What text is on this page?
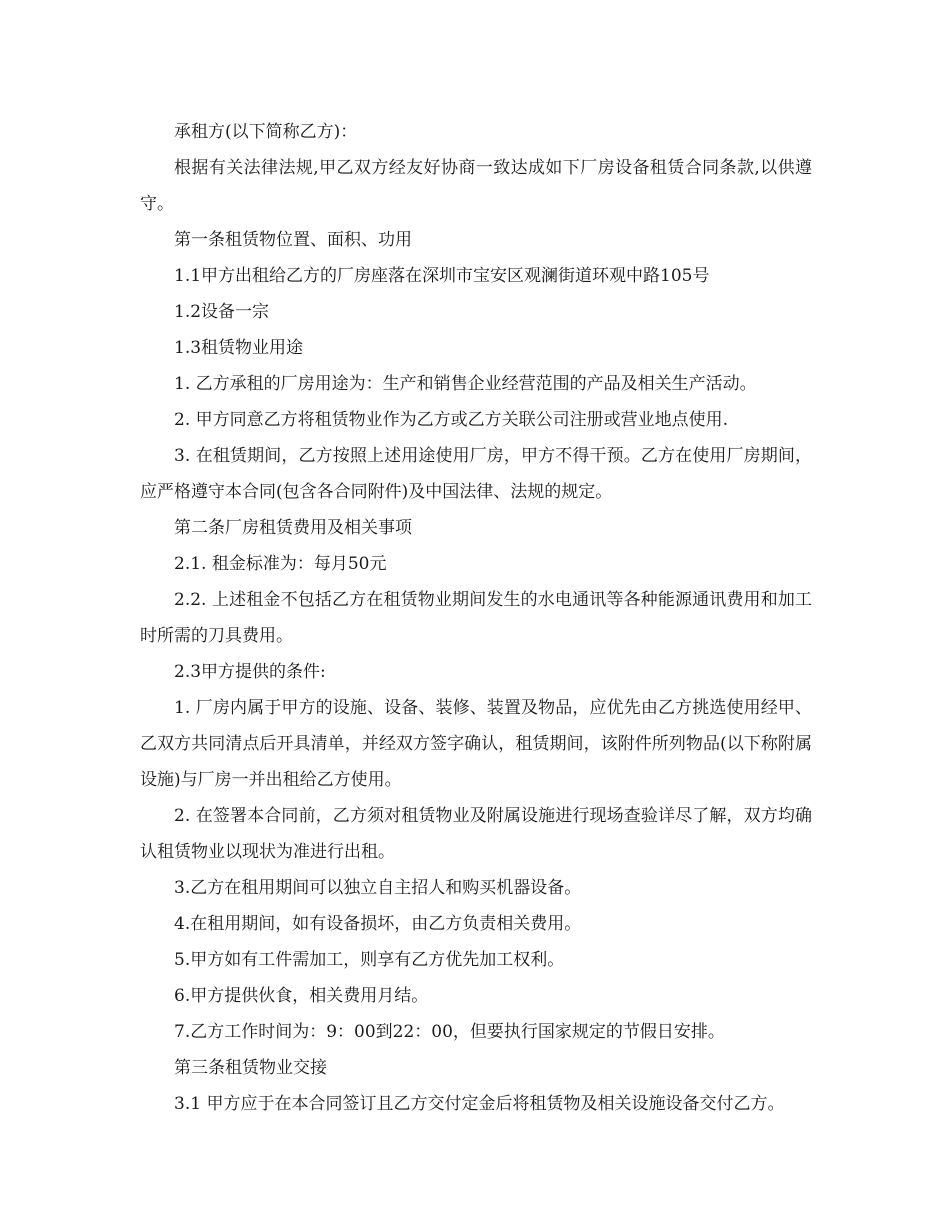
承租方(以下简称乙方)：

根据有关法律法规,甲乙双方经友好协商一致达成如下厂房设备租赁合同条款,以供遵守。

第一条租赁物位置、面积、功用

1.1甲方出租给乙方的厂房座落在深圳市宝安区观澜街道环观中路105号

1.2设备一宗

1.3租赁物业用途

1. 乙方承租的厂房用途为：生产和销售企业经营范围的产品及相关生产活动。

2. 甲方同意乙方将租赁物业作为乙方或乙方关联公司注册或营业地点使用.

3. 在租赁期间，乙方按照上述用途使用厂房，甲方不得干预。乙方在使用厂房期间，应严格遵守本合同(包含各合同附件)及中国法律、法规的规定。

第二条厂房租赁费用及相关事项

2.1. 租金标准为：每月50元

2.2. 上述租金不包括乙方在租赁物业期间发生的水电通讯等各种能源通讯费用和加工时所需的刀具费用。

2.3甲方提供的条件:

1. 厂房内属于甲方的设施、设备、装修、装置及物品，应优先由乙方挑选使用经甲、乙双方共同清点后开具清单，并经双方签字确认，租赁期间，该附件所列物品(以下称附属设施)与厂房一并出租给乙方使用。

2. 在签署本合同前，乙方须对租赁物业及附属设施进行现场查验详尽了解，双方均确认租赁物业以现状为准进行出租。

3.乙方在租用期间可以独立自主招人和购买机器设备。

4.在租用期间，如有设备损坏，由乙方负责相关费用。

5.甲方如有工件需加工，则享有乙方优先加工权利。

6.甲方提供伙食，相关费用月结。

7.乙方工作时间为：9：00到22：00，但要执行国家规定的节假日安排。

第三条租赁物业交接

3.1 甲方应于在本合同签订且乙方交付定金后将租赁物及相关设施设备交付乙方。
